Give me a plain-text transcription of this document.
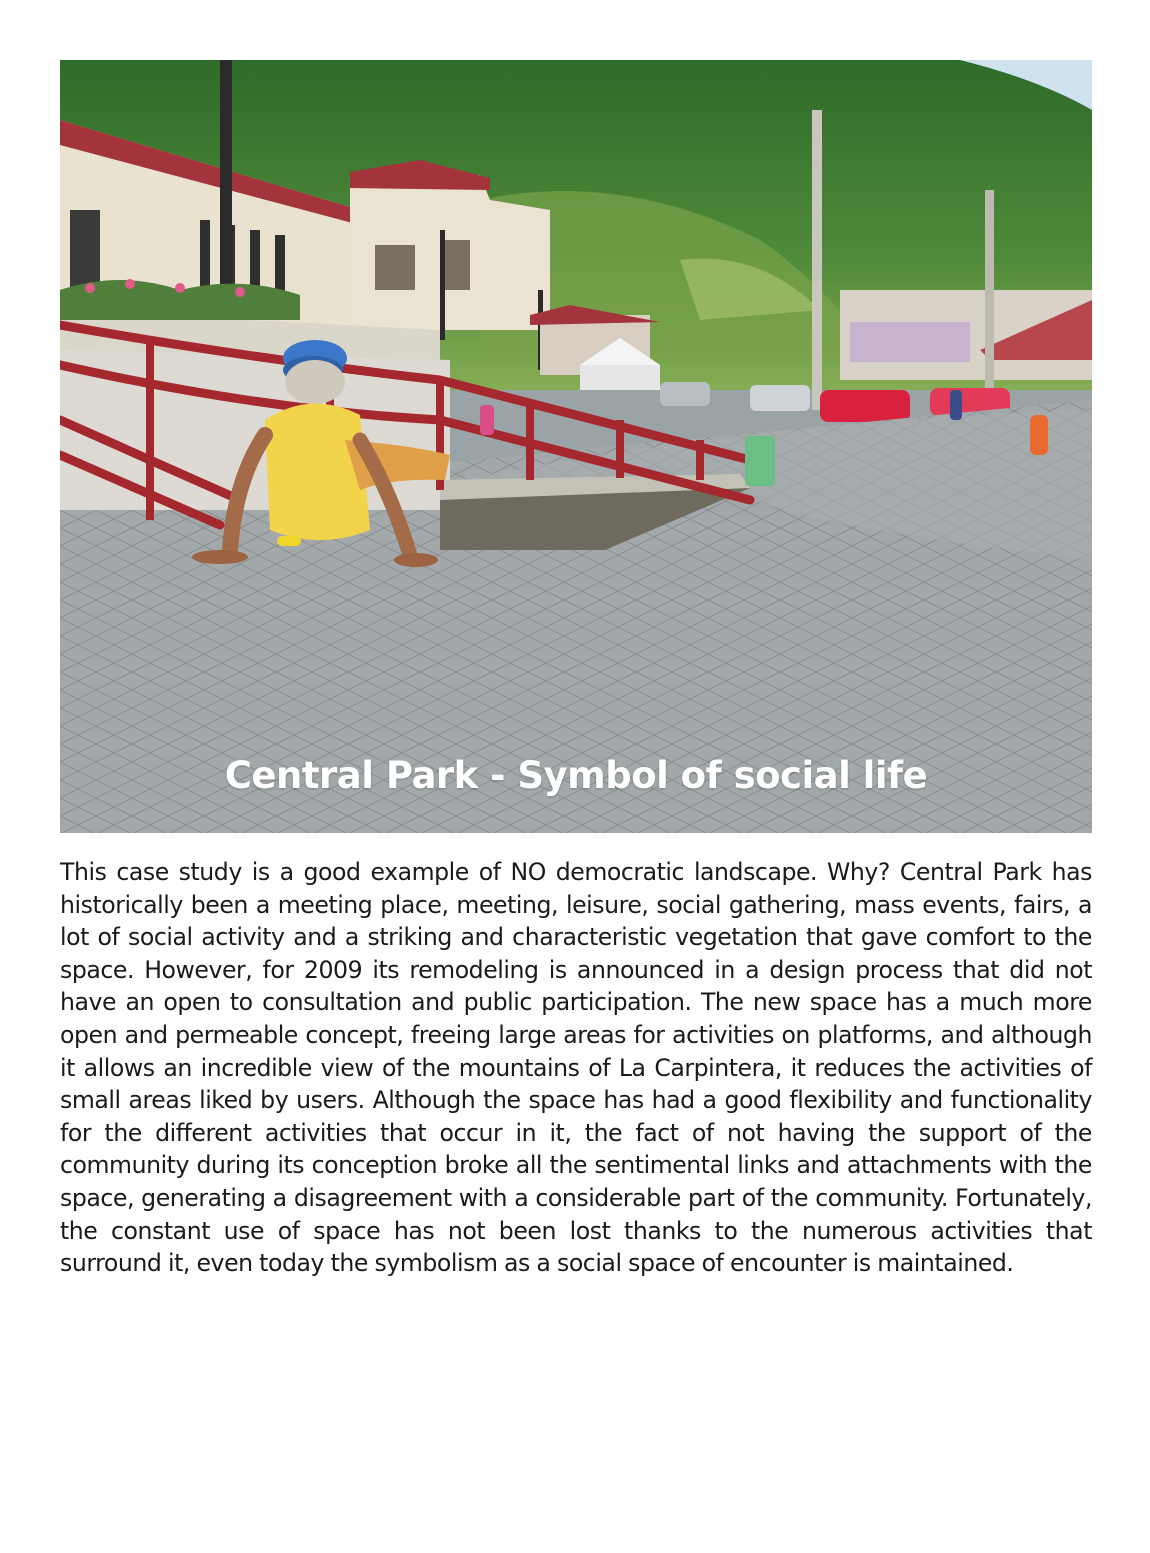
Central Park - Symbol of social life

This case study is a good example of NO democratic landscape. Why? Central Park has historically been a meeting place, meeting, leisure, social gathering, mass events, fairs, a lot of social activity and a striking and characteristic vegetation that gave comfort to the space. However, for 2009 its remodeling is announced in a design process that did not have an open to consultation and public participation. The new space has a much more open and permeable concept, freeing large areas for activities on platforms, and although it allows an incredible view of the mountains of La Carpintera, it reduces the activities of small areas liked by users. Although the space has had a good flexibility and functionality for the different activities that occur in it, the fact of not having the support of the community during its conception broke all the sentimental links and attachments with the space, generating a disagreement with a considerable part of the community. Fortunately, the constant use of space has not been lost thanks to the numerous activities that surround it, even today the symbolism as a social space of encounter is maintained.
